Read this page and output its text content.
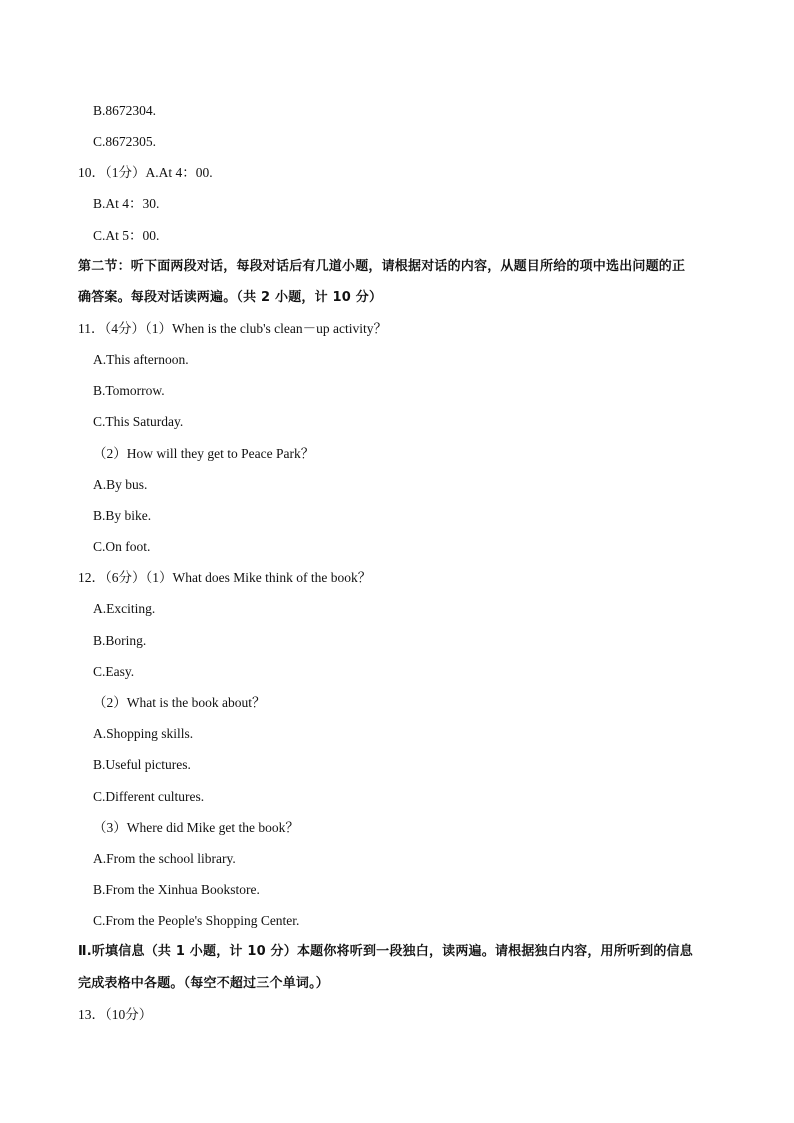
B.8672304.
C.8672305.
10．（1分）A.At 4：00.
B.At 4：30.
C.At 5：00.
第二节：听下面两段对话，每段对话后有几道小题，请根据对话的内容，从题目所给的项中选出问题的正
确答案。每段对话读两遍。（共 2 小题，计 10 分）
11．（4分）（1）When is the club's clean－up activity？
A.This afternoon.
B.Tomorrow.
C.This Saturday.
（2）How will they get to Peace Park？
A.By bus.
B.By bike.
C.On foot.
12．（6分）（1）What does Mike think of the book？
A.Exciting.
B.Boring.
C.Easy.
（2）What is the book about？
A.Shopping skills.
B.Useful pictures.
C.Different cultures.
（3）Where did Mike get the book？
A.From the school library.
B.From the Xinhua Bookstore.
C.From the People's Shopping Center.
Ⅱ.听填信息（共 1 小题，计 10 分）本题你将听到一段独白，读两遍。请根据独白内容，用所听到的信息
完成表格中各题。（每空不超过三个单词。）
13．（10分）
